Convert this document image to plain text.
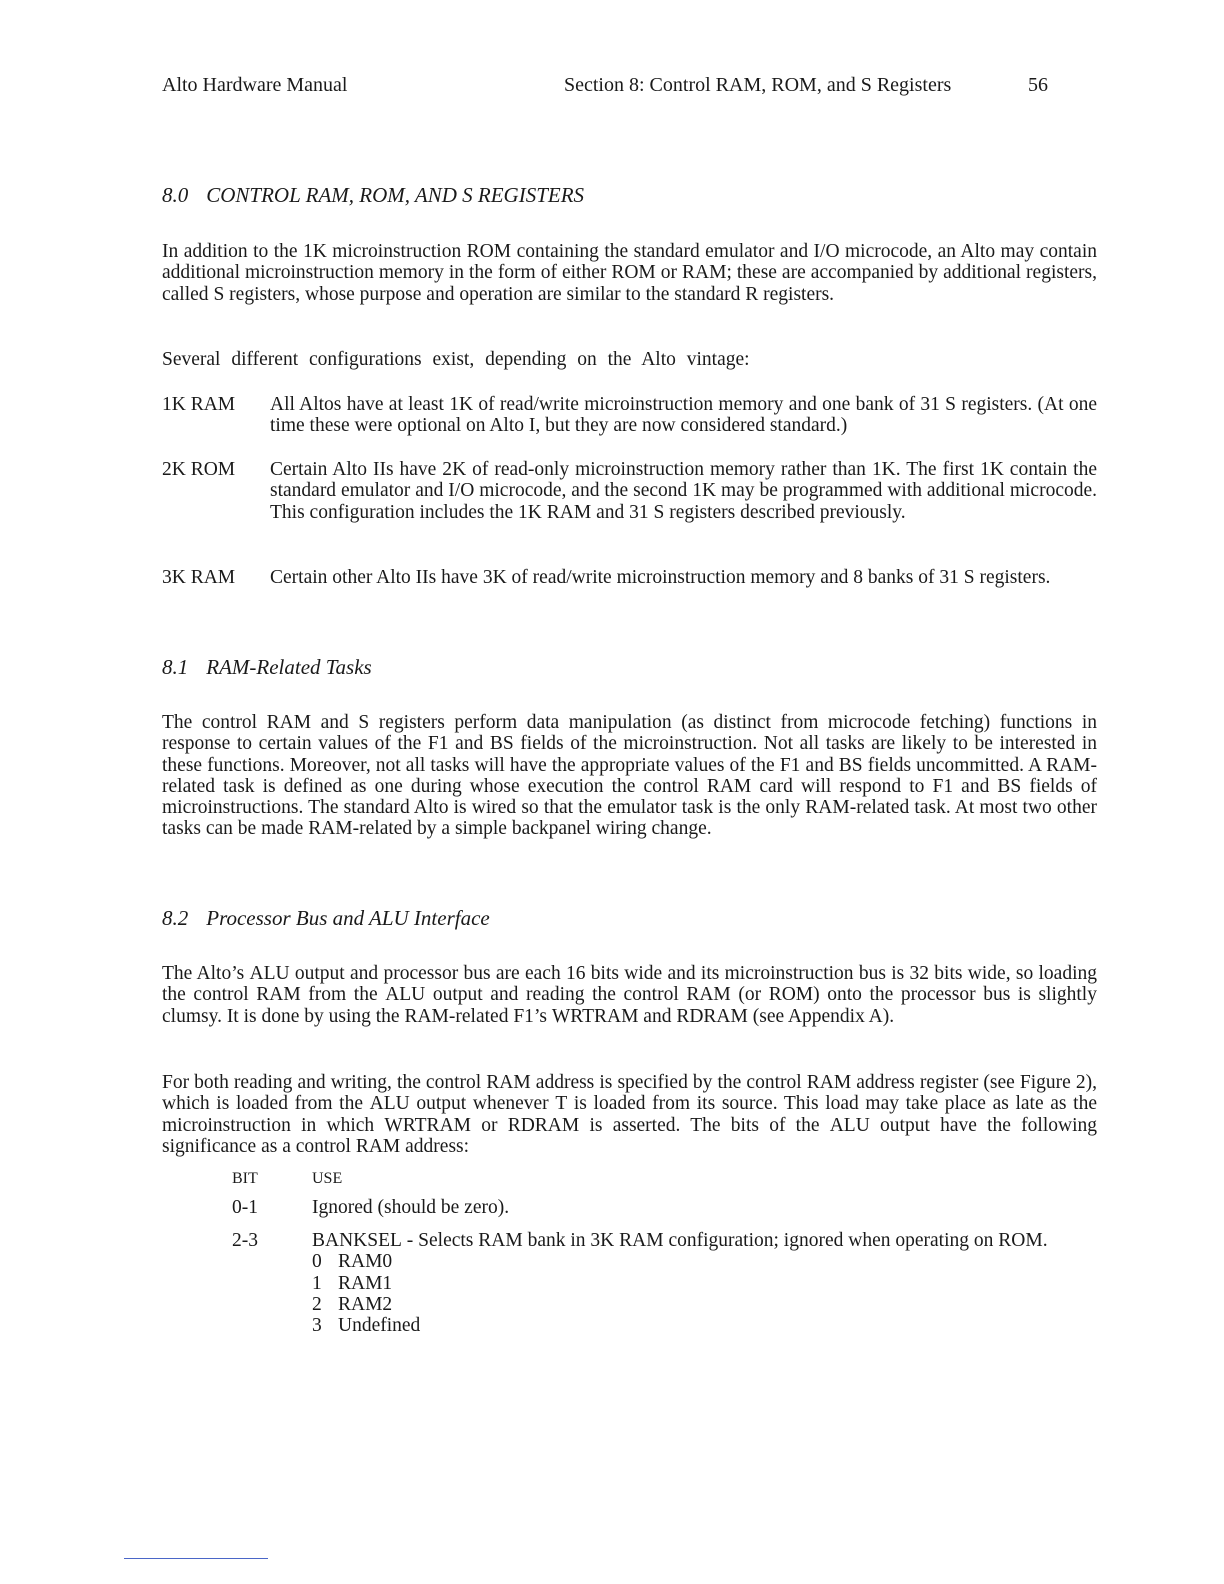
Alto Hardware Manual	Section 8: Control RAM, ROM, and S Registers	56
8.0 CONTROL RAM, ROM, AND S REGISTERS

In addition to the 1K microinstruction ROM containing the standard emulator and I/O microcode, an Alto may contain additional microinstruction memory in the form of either ROM or RAM; these are accompanied by additional registers, called S registers, whose purpose and operation are similar to the standard R registers.

Several different configurations exist, depending on the Alto vintage:

1K RAM	All Altos have at least 1K of read/write microinstruction memory and one bank of 31 S registers. (At one time these were optional on Alto I, but they are now considered standard.)
2K ROM	Certain Alto IIs have 2K of read-only microinstruction memory rather than 1K. The first 1K contain the standard emulator and I/O microcode, and the second 1K may be programmed with additional microcode. This configuration includes the 1K RAM and 31 S registers described previously.
3K RAM	Certain other Alto IIs have 3K of read/write microinstruction memory and 8 banks of 31 S registers.
8.1 RAM-Related Tasks

The control RAM and S registers perform data manipulation (as distinct from microcode fetching) functions in response to certain values of the F1 and BS fields of the microinstruction. Not all tasks are likely to be interested in these functions. Moreover, not all tasks will have the appropriate values of the F1 and BS fields uncommitted. A RAM-related task is defined as one during whose execution the control RAM card will respond to F1 and BS fields of microinstructions. The standard Alto is wired so that the emulator task is the only RAM-related task. At most two other tasks can be made RAM-related by a simple backpanel wiring change.

8.2 Processor Bus and ALU Interface

The Alto’s ALU output and processor bus are each 16 bits wide and its microinstruction bus is 32 bits wide, so loading the control RAM from the ALU output and reading the control RAM (or ROM) onto the processor bus is slightly clumsy. It is done by using the RAM-related F1’s WRTRAM and RDRAM (see Appendix A).

For both reading and writing, the control RAM address is specified by the control RAM address register (see Figure 2), which is loaded from the ALU output whenever T is loaded from its source. This load may take place as late as the microinstruction in which WRTRAM or RDRAM is asserted. The bits of the ALU output have the following significance as a control RAM address:

BIT	USE
0-1	Ignored (should be zero).
2-3	BANKSEL - Selects RAM bank in 3K RAM configuration; ignored when operating on ROM.
0 RAM0
1 RAM1
2 RAM2
3 Undefined
